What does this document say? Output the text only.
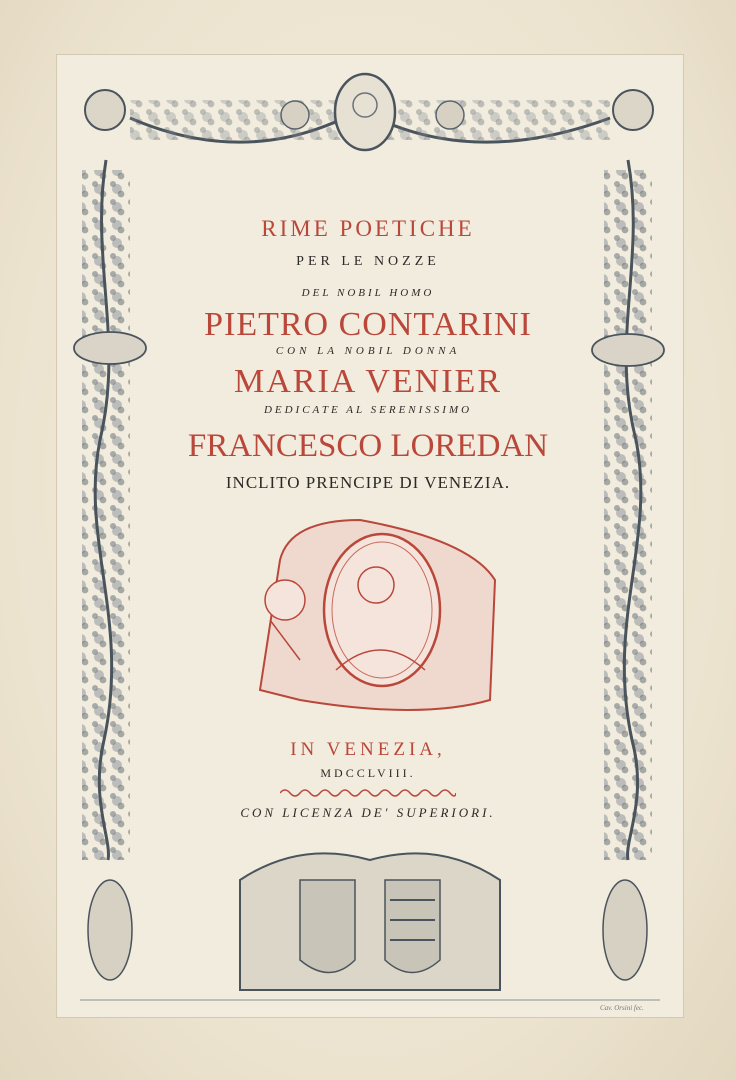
RIME POETICHE
PER LE NOZZE
DEL NOBIL HOMO
PIETRO CONTARINI
CON LA NOBIL DONNA
MARIA VENIER
DEDICATE AL SERENISSIMO
FRANCESCO LOREDAN
INCLITO PRENCIPE DI VENEZIA.
IN VENEZIA,
MDCCLVIII.
CON LICENZA DE' SUPERIORI.
Cav. Orsini fec.
